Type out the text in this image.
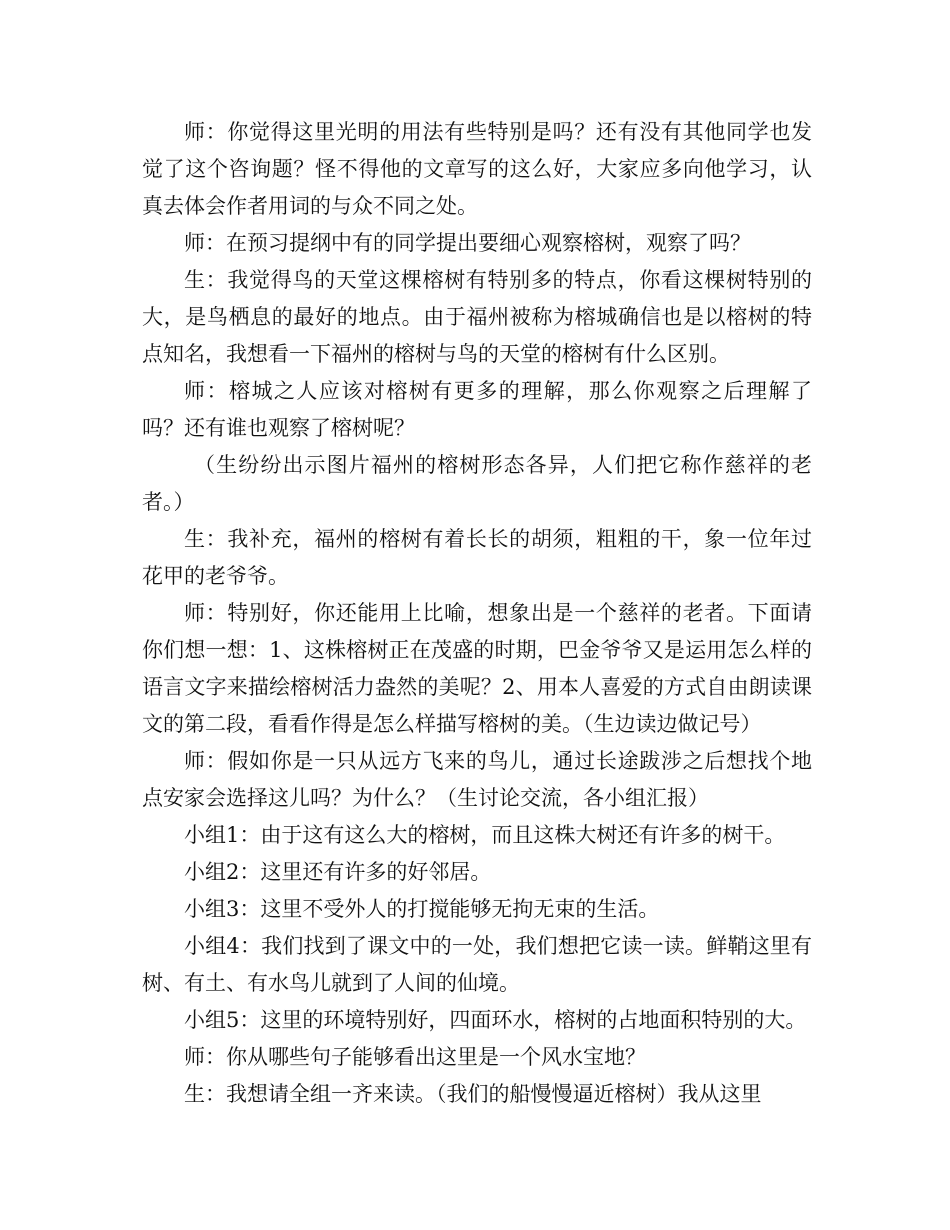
师：你觉得这里光明的用法有些特别是吗？还有没有其他同学也发觉了这个咨询题？怪不得他的文章写的这么好，大家应多向他学习，认真去体会作者用词的与众不同之处。

师：在预习提纲中有的同学提出要细心观察榕树，观察了吗？

生：我觉得鸟的天堂这棵榕树有特别多的特点，你看这棵树特别的大，是鸟栖息的最好的地点。由于福州被称为榕城确信也是以榕树的特点知名，我想看一下福州的榕树与鸟的天堂的榕树有什么区别。

师：榕城之人应该对榕树有更多的理解，那么你观察之后理解了吗？还有谁也观察了榕树呢？

（生纷纷出示图片福州的榕树形态各异，人们把它称作慈祥的老者。）

生：我补充，福州的榕树有着长长的胡须，粗粗的干，象一位年过花甲的老爷爷。

师：特别好，你还能用上比喻，想象出是一个慈祥的老者。下面请你们想一想：1、这株榕树正在茂盛的时期，巴金爷爷又是运用怎么样的语言文字来描绘榕树活力盎然的美呢？2、用本人喜爱的方式自由朗读课文的第二段，看看作得是怎么样描写榕树的美。（生边读边做记号）

师：假如你是一只从远方飞来的鸟儿，通过长途跋涉之后想找个地点安家会选择这儿吗？为什么？（生讨论交流，各小组汇报）

小组1：由于这有这么大的榕树，而且这株大树还有许多的树干。

小组2：这里还有许多的好邻居。

小组3：这里不受外人的打搅能够无拘无束的生活。

小组4：我们找到了课文中的一处，我们想把它读一读。鲜鞘这里有树、有土、有水鸟儿就到了人间的仙境。

小组5：这里的环境特别好，四面环水，榕树的占地面积特别的大。

师：你从哪些句子能够看出这里是一个风水宝地？

生：我想请全组一齐来读。（我们的船慢慢逼近榕树）我从这里
